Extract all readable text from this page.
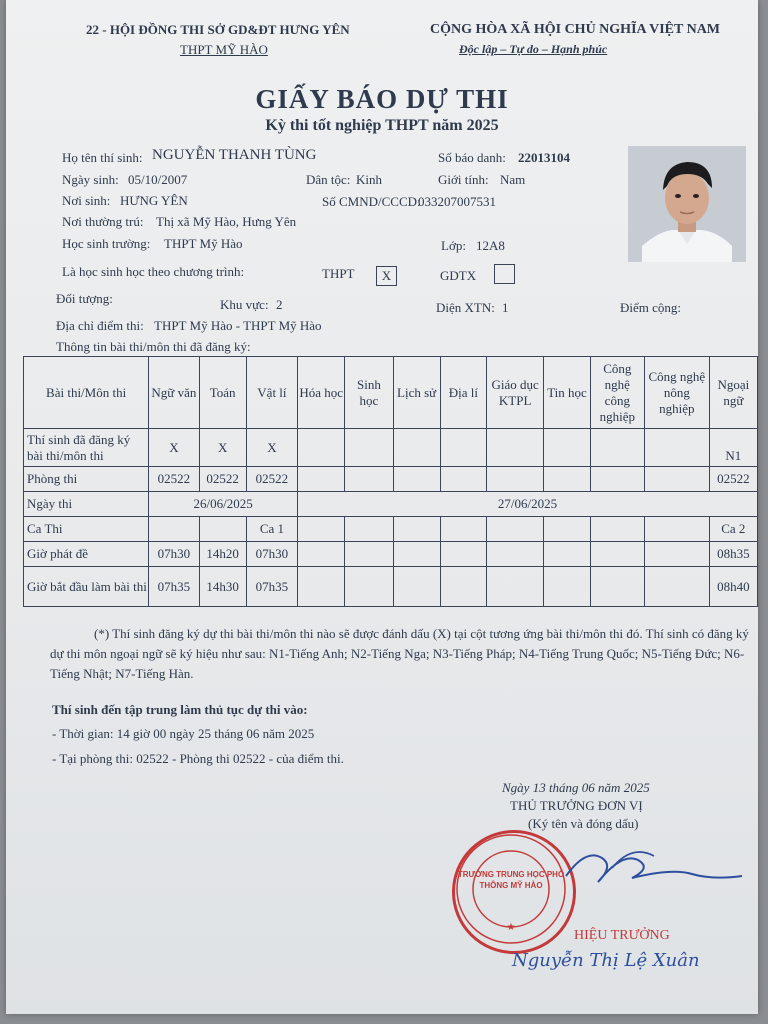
22 - HỘI ĐỒNG THI SỞ GD&ĐT HƯNG YÊN
THPT MỸ HÀO
CỘNG HÒA XÃ HỘI CHỦ NGHĨA VIỆT NAM
Độc lập – Tự do – Hạnh phúc
GIẤY BÁO DỰ THI
Kỳ thi tốt nghiệp THPT năm 2025
Họ tên thí sinh: NGUYỄN THANH TÙNG	Số báo danh: 22013104
Ngày sinh: 05/10/2007	Dân tộc: Kinh	Giới tính: Nam
Nơi sinh: HƯNG YÊN	Số CMND/CCCD:
033207007531
Nơi thường trú: Thị xã Mỹ Hào, Hưng Yên
Học sinh trường: THPT Mỹ Hào	Lớp: 12A8
Là học sinh học theo chương trình:	THPT	X	GDTX
Đối tượng:	Khu vực: 2	Diện XTN: 1	Điểm cộng:
Địa chỉ điểm thi: THPT Mỹ Hào - THPT Mỹ Hào
Thông tin bài thi/môn thi đã đăng ký:
Bài thi/Môn thi	Ngữ văn	Toán	Vật lí	Hóa học	Sinh học	Lịch sử	Địa lí	Giáo dục KTPL	Tin học	Công nghệ công nghiệp	Công nghệ nông nghiệp	Ngoại ngữ
Thí sinh đã đăng ký bài thi/môn thi	X	X	X									N1
Phòng thi	02522	02522	02522									02522
Ngày thi	26/06/2025			27/06/2025								
Ca Thi			Ca 1									Ca 2
Giờ phát đề	07h30	14h20	07h30									08h35
Giờ bắt đầu làm bài thi	07h35	14h30	07h35									08h40
(*) Thí sinh đăng ký dự thi bài thi/môn thi nào sẽ được đánh dấu (X) tại cột tương ứng bài thi/môn thi đó. Thí sinh có đăng ký dự thi môn ngoại ngữ sẽ ký hiệu như sau: N1-Tiếng Anh; N2-Tiếng Nga; N3-Tiếng Pháp; N4-Tiếng Trung Quốc; N5-Tiếng Đức; N6-Tiếng Nhật; N7-Tiếng Hàn.
Thí sinh đến tập trung làm thủ tục dự thi vào:
- Thời gian: 14 giờ 00 ngày 25 tháng 06 năm 2025
- Tại phòng thi: 02522 - Phòng thi 02522 - của điểm thi.
Ngày 13 tháng 06 năm 2025
THỦ TRƯỞNG ĐƠN VỊ
(Ký tên và đóng dấu)
★
TRƯỜNG TRUNG HỌC PHỔ THÔNG MỸ HÀO
HIỆU TRƯỞNG
Nguyễn Thị Lệ Xuân
